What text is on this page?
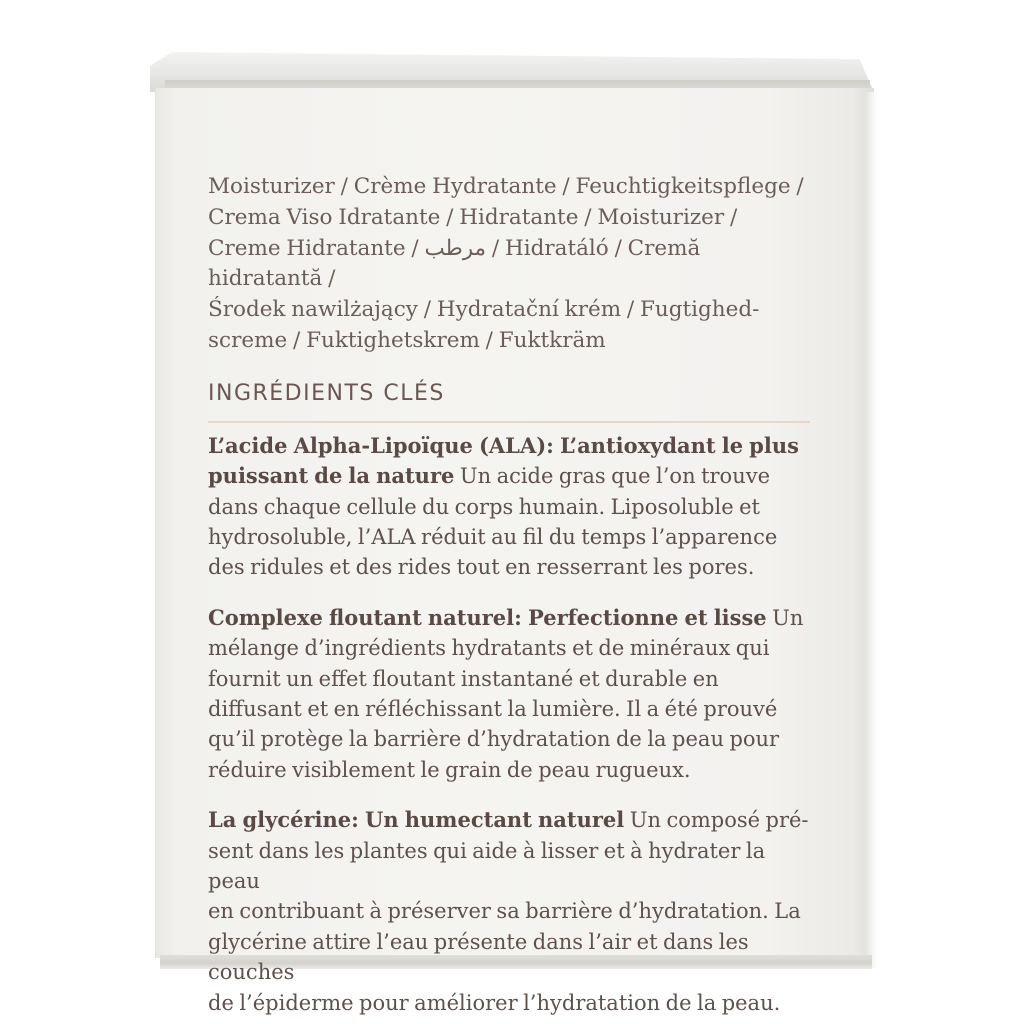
Moisturizer / Crème Hydratante / Feuchtigkeitspflege /
Crema Viso Idratante / Hidratante / Moisturizer /
Creme Hidratante / مرطب / Hidratáló / Cremă hidratantă /
Środek nawilżający / Hydratační krém / Fugtighed-
screme / Fuktighetskrem / Fuktkräm

INGRÉDIENTS CLÉS

L’acide Alpha-Lipoïque (ALA): L’antioxydant le plus
puissant de la nature Un acide gras que l’on trouve
dans chaque cellule du corps humain. Liposoluble et
hydrosoluble, l’ALA réduit au fil du temps l’apparence
des ridules et des rides tout en resserrant les pores.

Complexe floutant naturel: Perfectionne et lisse Un
mélange d’ingrédients hydratants et de minéraux qui
fournit un effet floutant instantané et durable en
diffusant et en réfléchissant la lumière. Il a été prouvé
qu’il protège la barrière d’hydratation de la peau pour
réduire visiblement le grain de peau rugueux.

La glycérine: Un humectant naturel Un composé pré-
sent dans les plantes qui aide à lisser et à hydrater la peau
en contribuant à préserver sa barrière d’hydratation. La
glycérine attire l’eau présente dans l’air et dans les couches
de l’épiderme pour améliorer l’hydratation de la peau.
